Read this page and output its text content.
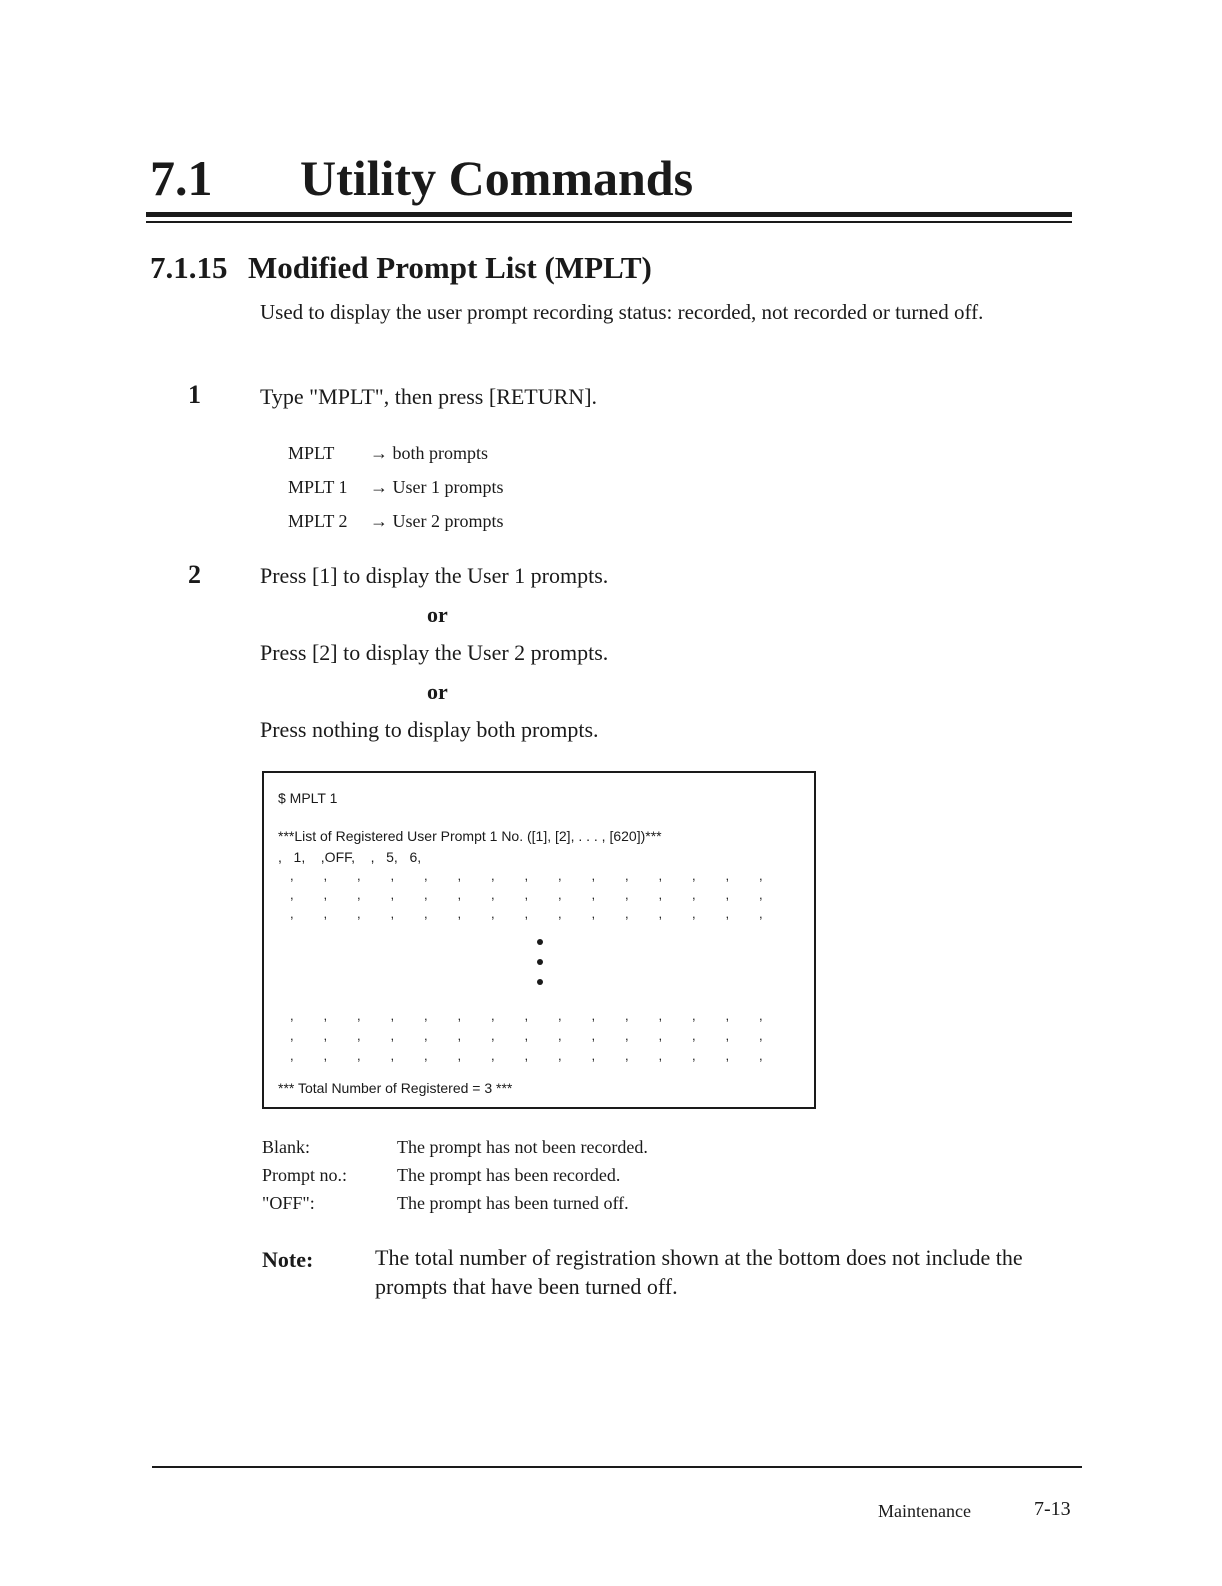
7.1 Utility Commands
7.1.15 Modified Prompt List (MPLT)
Used to display the user prompt recording status: recorded, not recorded or turned off.
1	Type "MPLT", then press [RETURN].
MPLT → both prompts
MPLT 1 → User 1 prompts
MPLT 2 → User 2 prompts
2	Press [1] to display the User 1 prompts.
or
Press [2] to display the User 2 prompts.
or
Press nothing to display both prompts.
$ MPLT 1
***List of Registered User Prompt 1 No. ([1], [2], . . . , [620])***
,   1,    ,OFF,    ,   5,   6,
, , , , , , , , , , , , , , ,
, , , , , , , , , , , , , , ,
, , , , , , , , , , , , , , ,
, , , , , , , , , , , , , , ,
, , , , , , , , , , , , , , ,
, , , , , , , , , , , , , , ,
*** Total Number of Registered = 3 ***
Blank:	The prompt has not been recorded.
Prompt no.:	The prompt has been recorded.
"OFF":	The prompt has been turned off.
Note:	The total number of registration shown at the bottom does not include the prompts that have been turned off.
Maintenance	7-13
